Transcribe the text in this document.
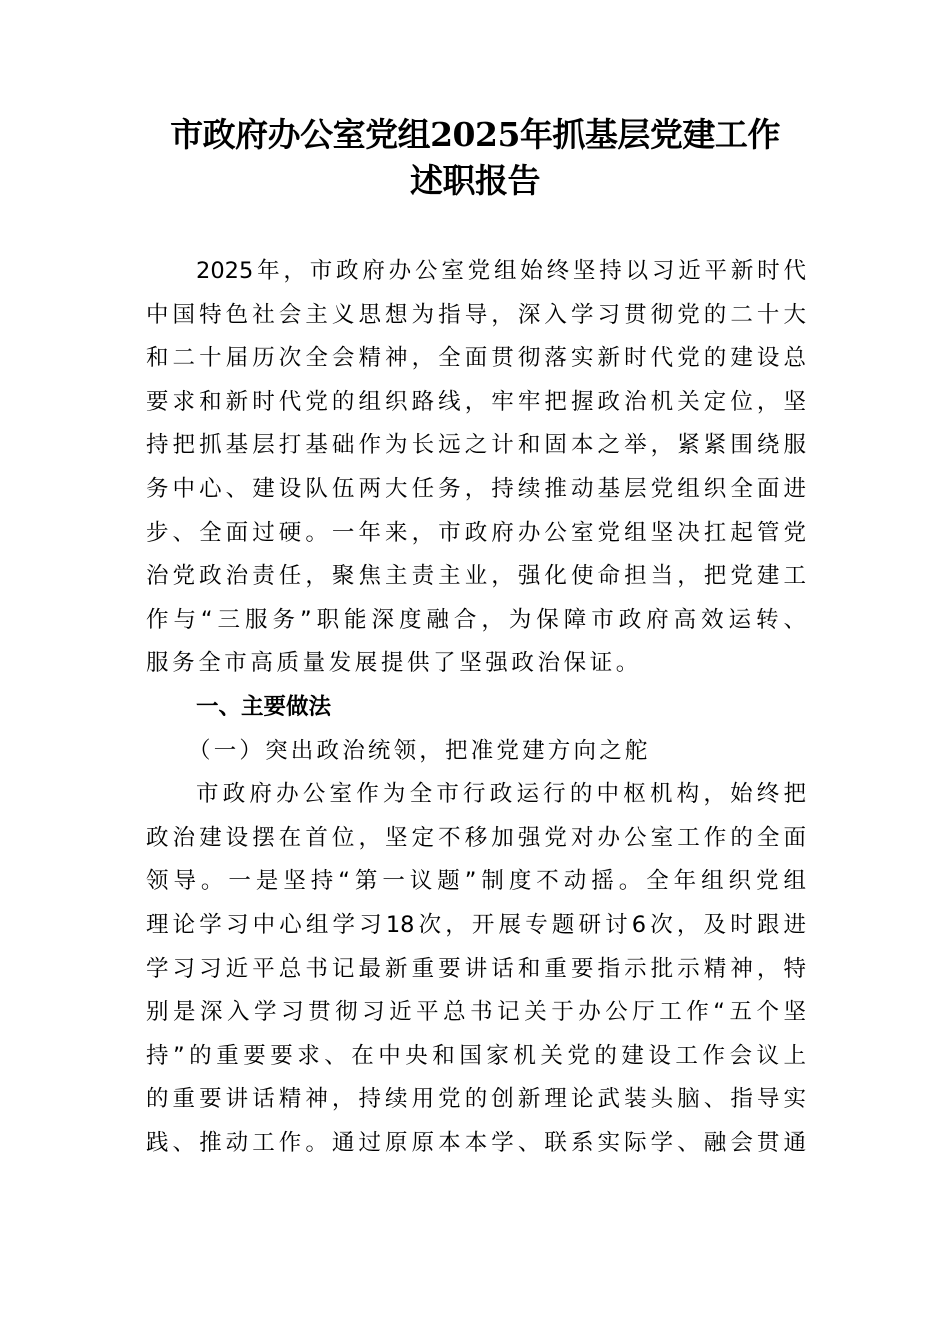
市政府办公室党组2025年抓基层党建工作
述职报告
2025年，市政府办公室党组始终坚持以习近平新时代
中国特色社会主义思想为指导，深入学习贯彻党的二十大
和二十届历次全会精神，全面贯彻落实新时代党的建设总
要求和新时代党的组织路线，牢牢把握政治机关定位，坚
持把抓基层打基础作为长远之计和固本之举，紧紧围绕服
务中心、建设队伍两大任务，持续推动基层党组织全面进
步、全面过硬。一年来，市政府办公室党组坚决扛起管党
治党政治责任，聚焦主责主业，强化使命担当，把党建工
作与“三服务”职能深度融合，为保障市政府高效运转、
服务全市高质量发展提供了坚强政治保证。
一、主要做法
（一）突出政治统领，把准党建方向之舵
市政府办公室作为全市行政运行的中枢机构，始终把
政治建设摆在首位，坚定不移加强党对办公室工作的全面
领导。一是坚持“第一议题”制度不动摇。全年组织党组
理论学习中心组学习18次，开展专题研讨6次，及时跟进
学习习近平总书记最新重要讲话和重要指示批示精神，特
别是深入学习贯彻习近平总书记关于办公厅工作“五个坚
持”的重要要求、在中央和国家机关党的建设工作会议上
的重要讲话精神，持续用党的创新理论武装头脑、指导实
践、推动工作。通过原原本本学、联系实际学、融会贯通
